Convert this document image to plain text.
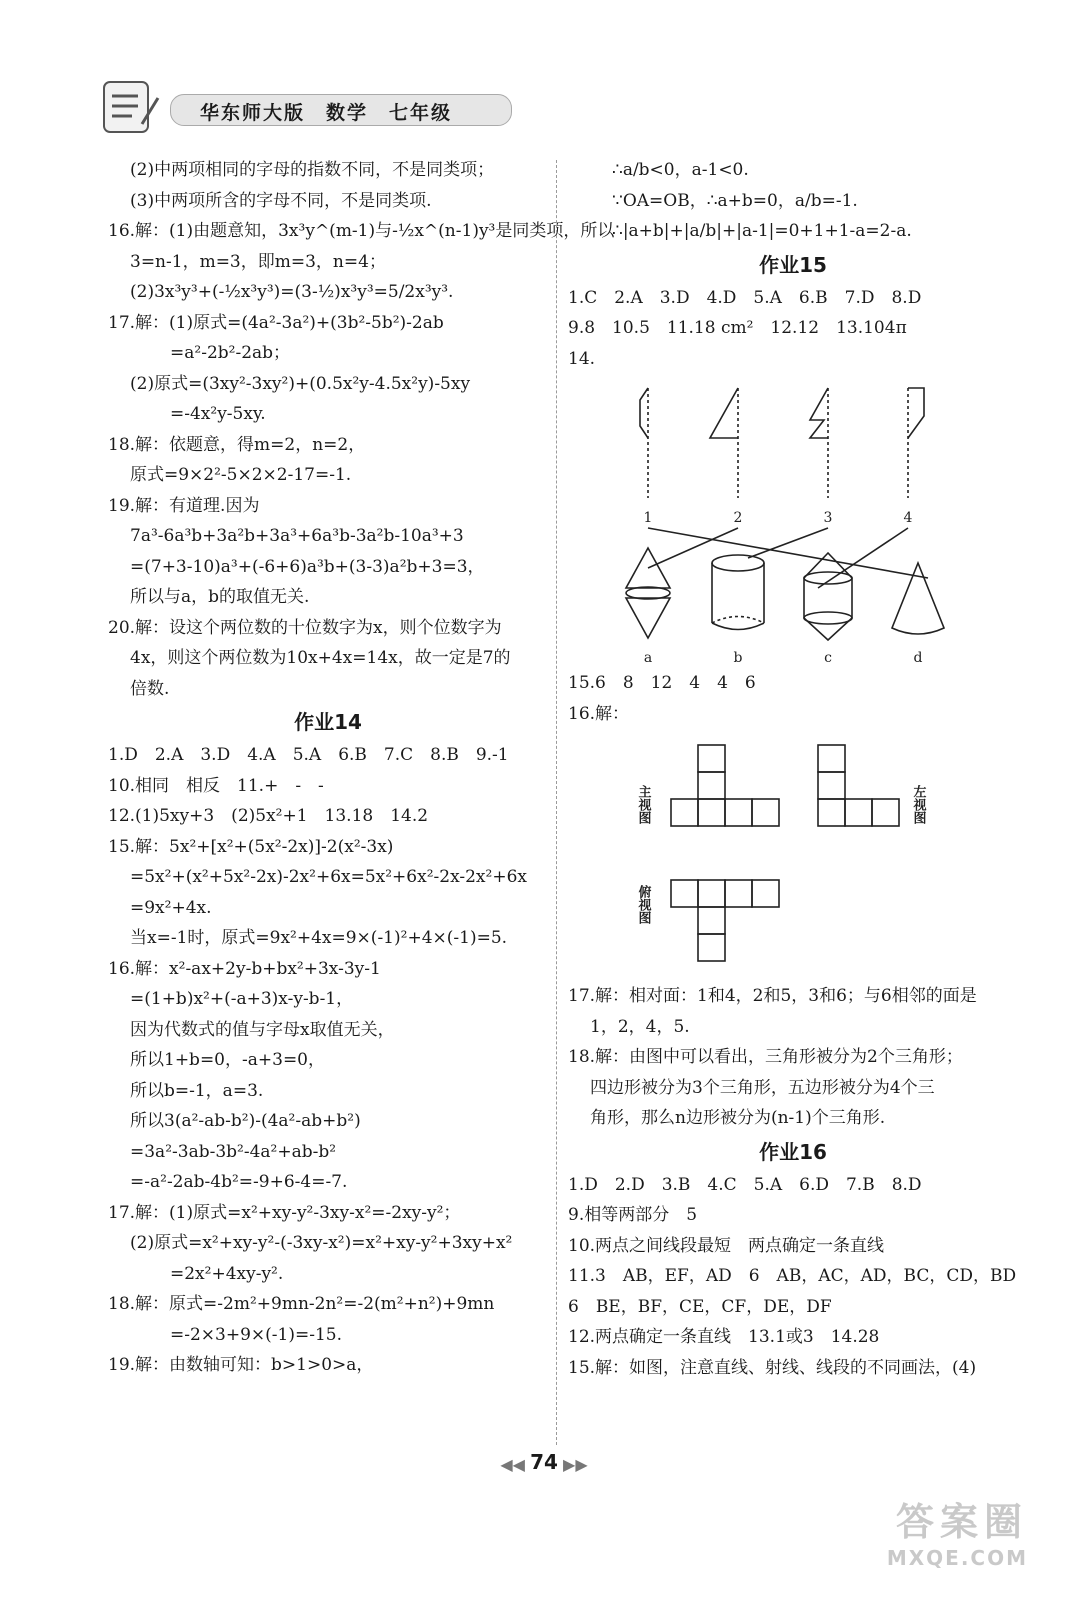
华东师大版　数学　七年级
(2)中两项相同的字母的指数不同，不是同类项；
(3)中两项所含的字母不同，不是同类项.
16.解：(1)由题意知，3x³y^(m-1)与-½x^(n-1)y³是同类项，所以
3=n-1，m=3，即m=3，n=4；
(2)3x³y³+(-½x³y³)=(3-½)x³y³=5/2x³y³.
17.解：(1)原式=(4a²-3a²)+(3b²-5b²)-2ab
=a²-2b²-2ab；
(2)原式=(3xy²-3xy²)+(0.5x²y-4.5x²y)-5xy
=-4x²y-5xy.
18.解：依题意，得m=2，n=2，
原式=9×2²-5×2×2-17=-1.
19.解：有道理.因为
7a³-6a³b+3a²b+3a³+6a³b-3a²b-10a³+3
=(7+3-10)a³+(-6+6)a³b+(3-3)a²b+3=3，
所以与a，b的取值无关.
20.解：设这个两位数的十位数字为x，则个位数字为
4x，则这个两位数为10x+4x=14x，故一定是7的
倍数.
作业14
1.D　2.A　3.D　4.A　5.A　6.B　7.C　8.B　9.-1
10.相同　相反　11.+　-　-
12.(1)5xy+3　(2)5x²+1　13.18　14.2
15.解：5x²+[x²+(5x²-2x)]-2(x²-3x)
=5x²+(x²+5x²-2x)-2x²+6x=5x²+6x²-2x-2x²+6x
=9x²+4x.
当x=-1时，原式=9x²+4x=9×(-1)²+4×(-1)=5.
16.解：x²-ax+2y-b+bx²+3x-3y-1
=(1+b)x²+(-a+3)x-y-b-1，
因为代数式的值与字母x取值无关，
所以1+b=0，-a+3=0，
所以b=-1，a=3.
所以3(a²-ab-b²)-(4a²-ab+b²)
=3a²-3ab-3b²-4a²+ab-b²
=-a²-2ab-4b²=-9+6-4=-7.
17.解：(1)原式=x²+xy-y²-3xy-x²=-2xy-y²；
(2)原式=x²+xy-y²-(-3xy-x²)=x²+xy-y²+3xy+x²
=2x²+4xy-y².
18.解：原式=-2m²+9mn-2n²=-2(m²+n²)+9mn
=-2×3+9×(-1)=-15.
19.解：由数轴可知：b>1>0>a，
∴a/b<0，a-1<0.
∵OA=OB，∴a+b=0，a/b=-1.
∴|a+b|+|a/b|+|a-1|=0+1+1-a=2-a.
作业15
1.C　2.A　3.D　4.D　5.A　6.B　7.D　8.D
9.8　10.5　11.18 cm²　12.12　13.104π
14.
1	2	3	4
a	b	c	d
15.6　8　12　4　4　6
16.解：
主视图	左视图
俯视图
17.解：相对面：1和4，2和5，3和6；与6相邻的面是
1，2，4，5.
18.解：由图中可以看出，三角形被分为2个三角形；
四边形被分为3个三角形，五边形被分为4个三
角形，那么n边形被分为(n-1)个三角形.
作业16
1.D　2.D　3.B　4.C　5.A　6.D　7.B　8.D
9.相等两部分　5
10.两点之间线段最短　两点确定一条直线
11.3　AB，EF，AD　6　AB，AC，AD，BC，CD，BD
6　BE，BF，CE，CF，DE，DF
12.两点确定一条直线　13.1或3　14.28
15.解：如图，注意直线、射线、线段的不同画法，(4)
◀◀ 74 ▶▶
答案圈
MXQE.COM
